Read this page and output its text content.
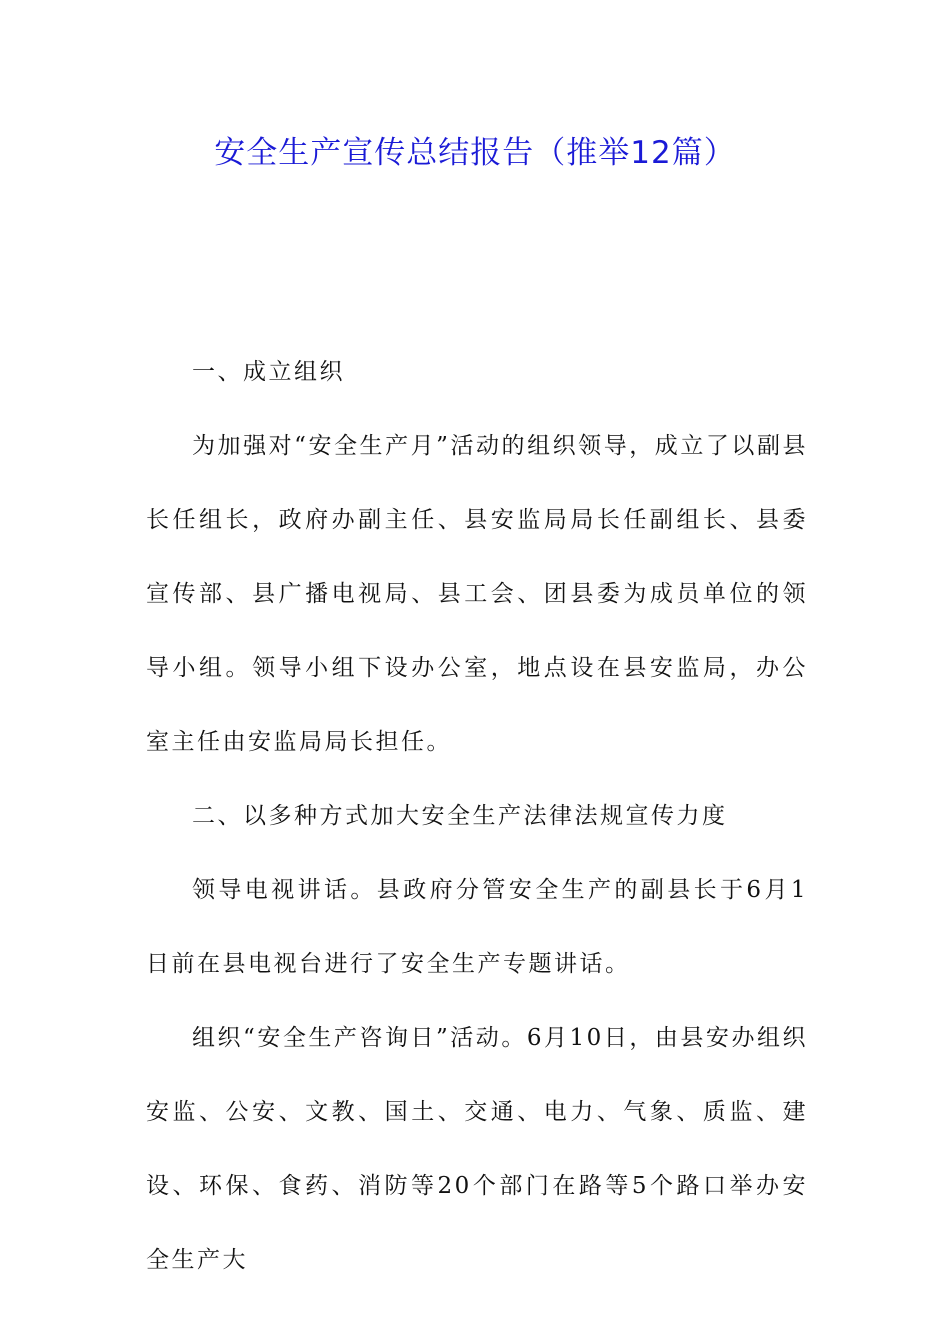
安全生产宣传总结报告（推举12篇）

一、成立组织

为加强对“安全生产月”活动的组织领导，成立了以副县长任组长，政府办副主任、县安监局局长任副组长、县委宣传部、县广播电视局、县工会、团县委为成员单位的领导小组。领导小组下设办公室，地点设在县安监局，办公室主任由安监局局长担任。

二、以多种方式加大安全生产法律法规宣传力度

领导电视讲话。县政府分管安全生产的副县长于6月1日前在县电视台进行了安全生产专题讲话。

组织“安全生产咨询日”活动。6月10日，由县安办组织安监、公安、文教、国土、交通、电力、气象、质监、建设、环保、食药、消防等20个部门在路等5个路口举办安全生产大
